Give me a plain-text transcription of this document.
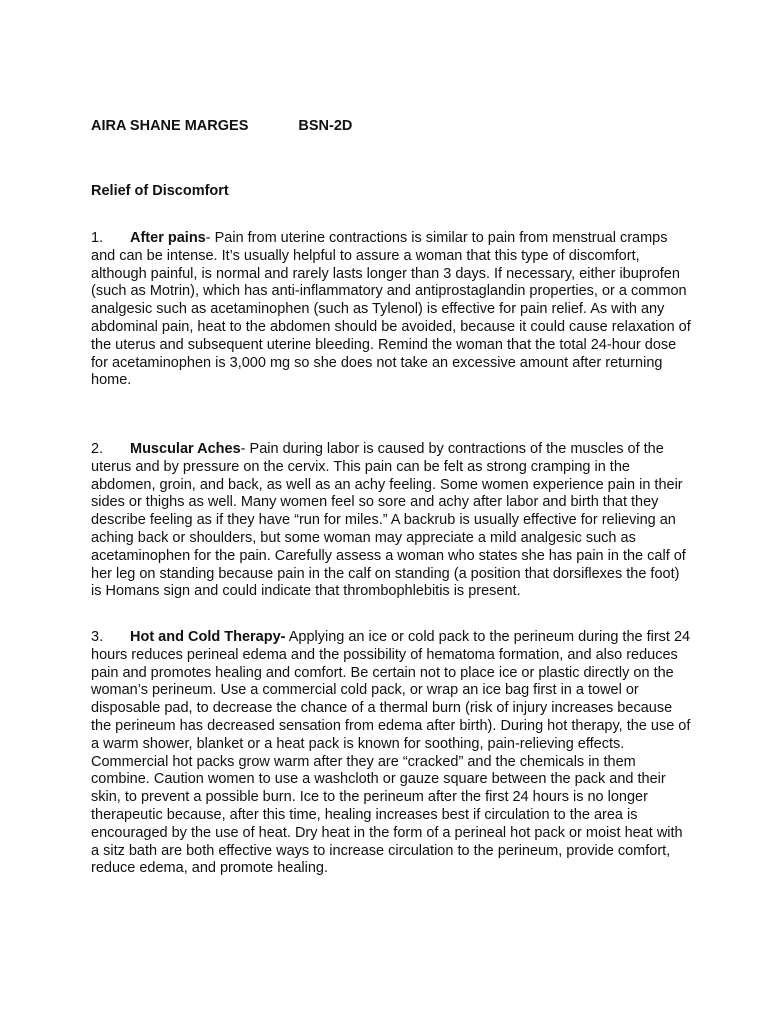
AIRA SHANE MARGES	BSN-2D
Relief of Discomfort
1. After pains- Pain from uterine contractions is similar to pain from menstrual cramps and can be intense. It’s usually helpful to assure a woman that this type of discomfort, although painful, is normal and rarely lasts longer than 3 days. If necessary, either ibuprofen (such as Motrin), which has anti-inflammatory and antiprostaglandin properties, or a common analgesic such as acetaminophen (such as Tylenol) is effective for pain relief. As with any abdominal pain, heat to the abdomen should be avoided, because it could cause relaxation of the uterus and subsequent uterine bleeding. Remind the woman that the total 24-hour dose for acetaminophen is 3,000 mg so she does not take an excessive amount after returning home.
2. Muscular Aches- Pain during labor is caused by contractions of the muscles of the uterus and by pressure on the cervix. This pain can be felt as strong cramping in the abdomen, groin, and back, as well as an achy feeling. Some women experience pain in their sides or thighs as well. Many women feel so sore and achy after labor and birth that they describe feeling as if they have “run for miles.” A backrub is usually effective for relieving an aching back or shoulders, but some woman may appreciate a mild analgesic such as acetaminophen for the pain. Carefully assess a woman who states she has pain in the calf of her leg on standing because pain in the calf on standing (a position that dorsiflexes the foot) is Homans sign and could indicate that thrombophlebitis is present.
3. Hot and Cold Therapy- Applying an ice or cold pack to the perineum during the first 24 hours reduces perineal edema and the possibility of hematoma formation, and also reduces pain and promotes healing and comfort. Be certain not to place ice or plastic directly on the woman’s perineum. Use a commercial cold pack, or wrap an ice bag first in a towel or disposable pad, to decrease the chance of a thermal burn (risk of injury increases because the perineum has decreased sensation from edema after birth). During hot therapy, the use of a warm shower, blanket or a heat pack is known for soothing, pain-relieving effects. Commercial hot packs grow warm after they are “cracked” and the chemicals in them combine. Caution women to use a washcloth or gauze square between the pack and their skin, to prevent a possible burn. Ice to the perineum after the first 24 hours is no longer therapeutic because, after this time, healing increases best if circulation to the area is encouraged by the use of heat. Dry heat in the form of a perineal hot pack or moist heat with a sitz bath are both effective ways to increase circulation to the perineum, provide comfort, reduce edema, and promote healing.
